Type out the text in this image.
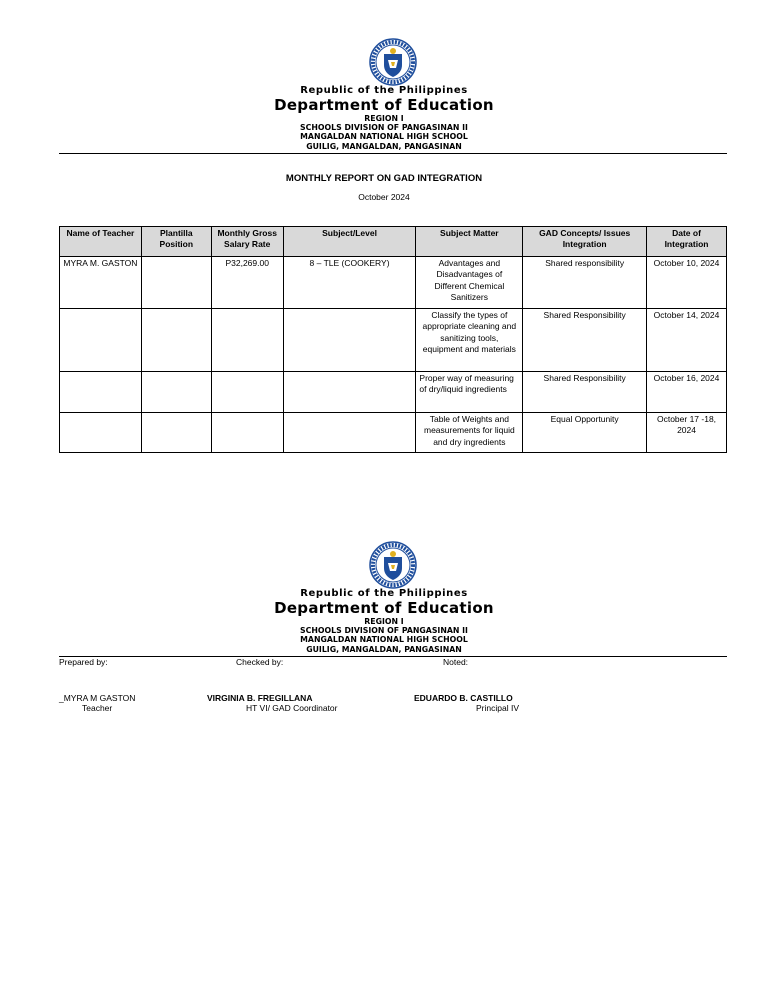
Republic of the Philippines
Department of Education
REGION I
SCHOOLS DIVISION OF PANGASINAN II
MANGALDAN NATIONAL HIGH SCHOOL
GUILIG, MANGALDAN, PANGASINAN
MONTHLY REPORT ON GAD INTEGRATION
October 2024
Name of Teacher	Plantilla Position	Monthly Gross Salary Rate	Subject/Level	Subject Matter	GAD Concepts/ Issues Integration	Date of Integration
MYRA M. GASTON		P32,269.00	8 – TLE (COOKERY)	Advantages and Disadvantages of Different Chemical Sanitizers	Shared responsibility	October 10, 2024
				Classify the types of appropriate cleaning and sanitizing tools, equipment and materials	Shared Responsibility	October 14, 2024
				Proper way of measuring of dry/liquid ingredients	Shared Responsibility	October 16, 2024
				Table of Weights and measurements for liquid and dry ingredients	Equal Opportunity	October 17 -18, 2024
Republic of the Philippines
Department of Education
REGION I
SCHOOLS DIVISION OF PANGASINAN II
MANGALDAN NATIONAL HIGH SCHOOL
GUILIG, MANGALDAN, PANGASINAN
Prepared by:	Checked by:	Noted:
_MYRA M GASTON
Teacher
VIRGINIA B. FREGILLANA
HT VI/ GAD Coordinator
EDUARDO B. CASTILLO
Principal IV
